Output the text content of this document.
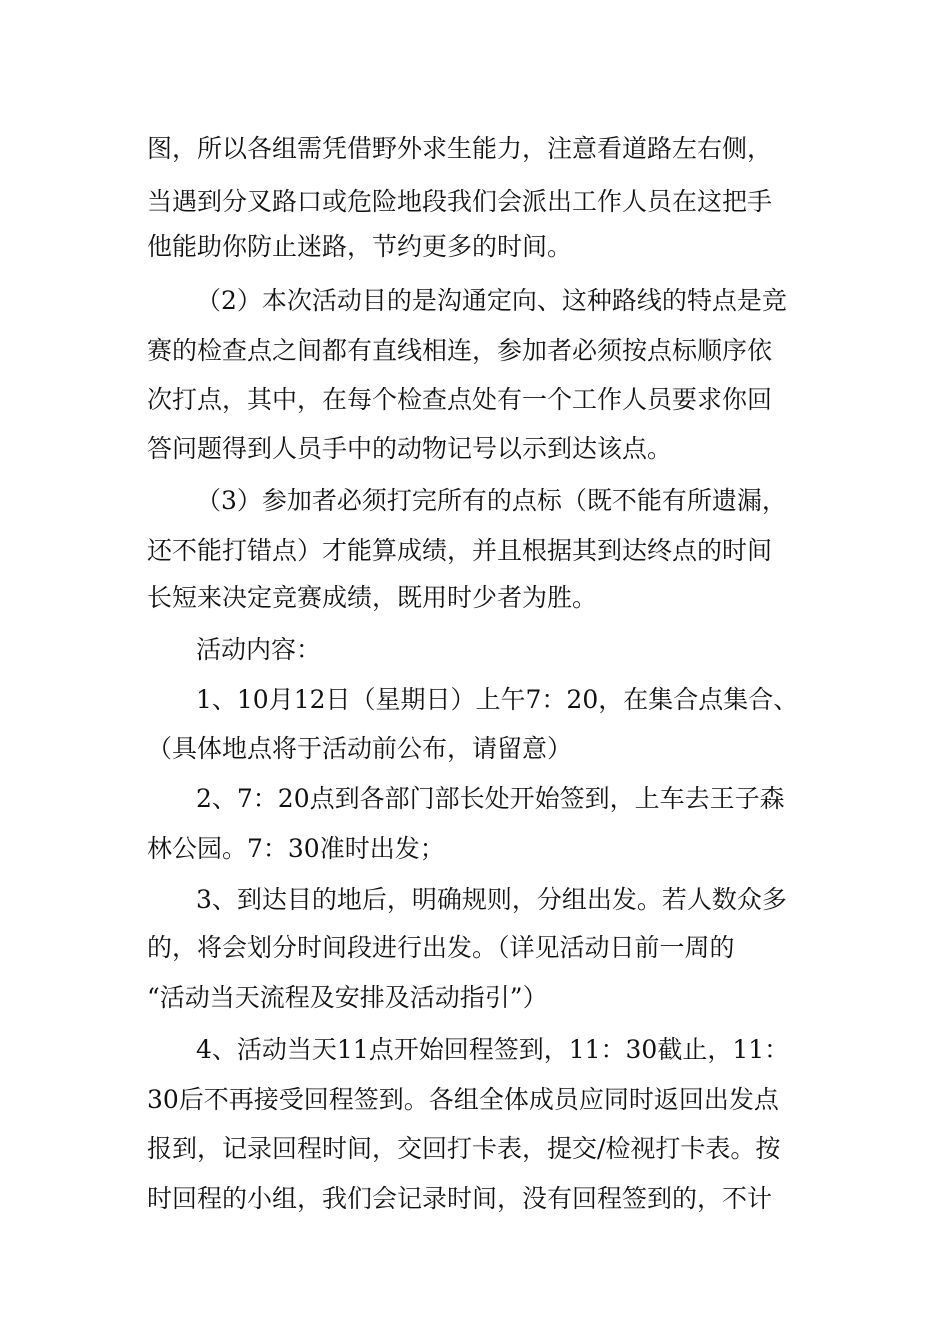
图，所以各组需凭借野外求生能力，注意看道路左右侧，
当遇到分叉路口或危险地段我们会派出工作人员在这把手
他能助你防止迷路，节约更多的时间。
（2）本次活动目的是沟通定向、这种路线的特点是竞
赛的检查点之间都有直线相连，参加者必须按点标顺序依
次打点，其中，在每个检查点处有一个工作人员要求你回
答问题得到人员手中的动物记号以示到达该点。
（3）参加者必须打完所有的点标（既不能有所遗漏，
还不能打错点）才能算成绩，并且根据其到达终点的时间
长短来决定竞赛成绩，既用时少者为胜。
活动内容：
1、10月12日（星期日）上午7：20，在集合点集合、
（具体地点将于活动前公布，请留意）
2、7：20点到各部门部长处开始签到，上车去王子森
林公园。7：30准时出发；
3、到达目的地后，明确规则，分组出发。若人数众多
的，将会划分时间段进行出发。（详见活动日前一周的
“活动当天流程及安排及活动指引”）
4、活动当天11点开始回程签到，11：30截止，11：
30后不再接受回程签到。各组全体成员应同时返回出发点
报到，记录回程时间，交回打卡表，提交/检视打卡表。按
时回程的小组，我们会记录时间，没有回程签到的，不计
